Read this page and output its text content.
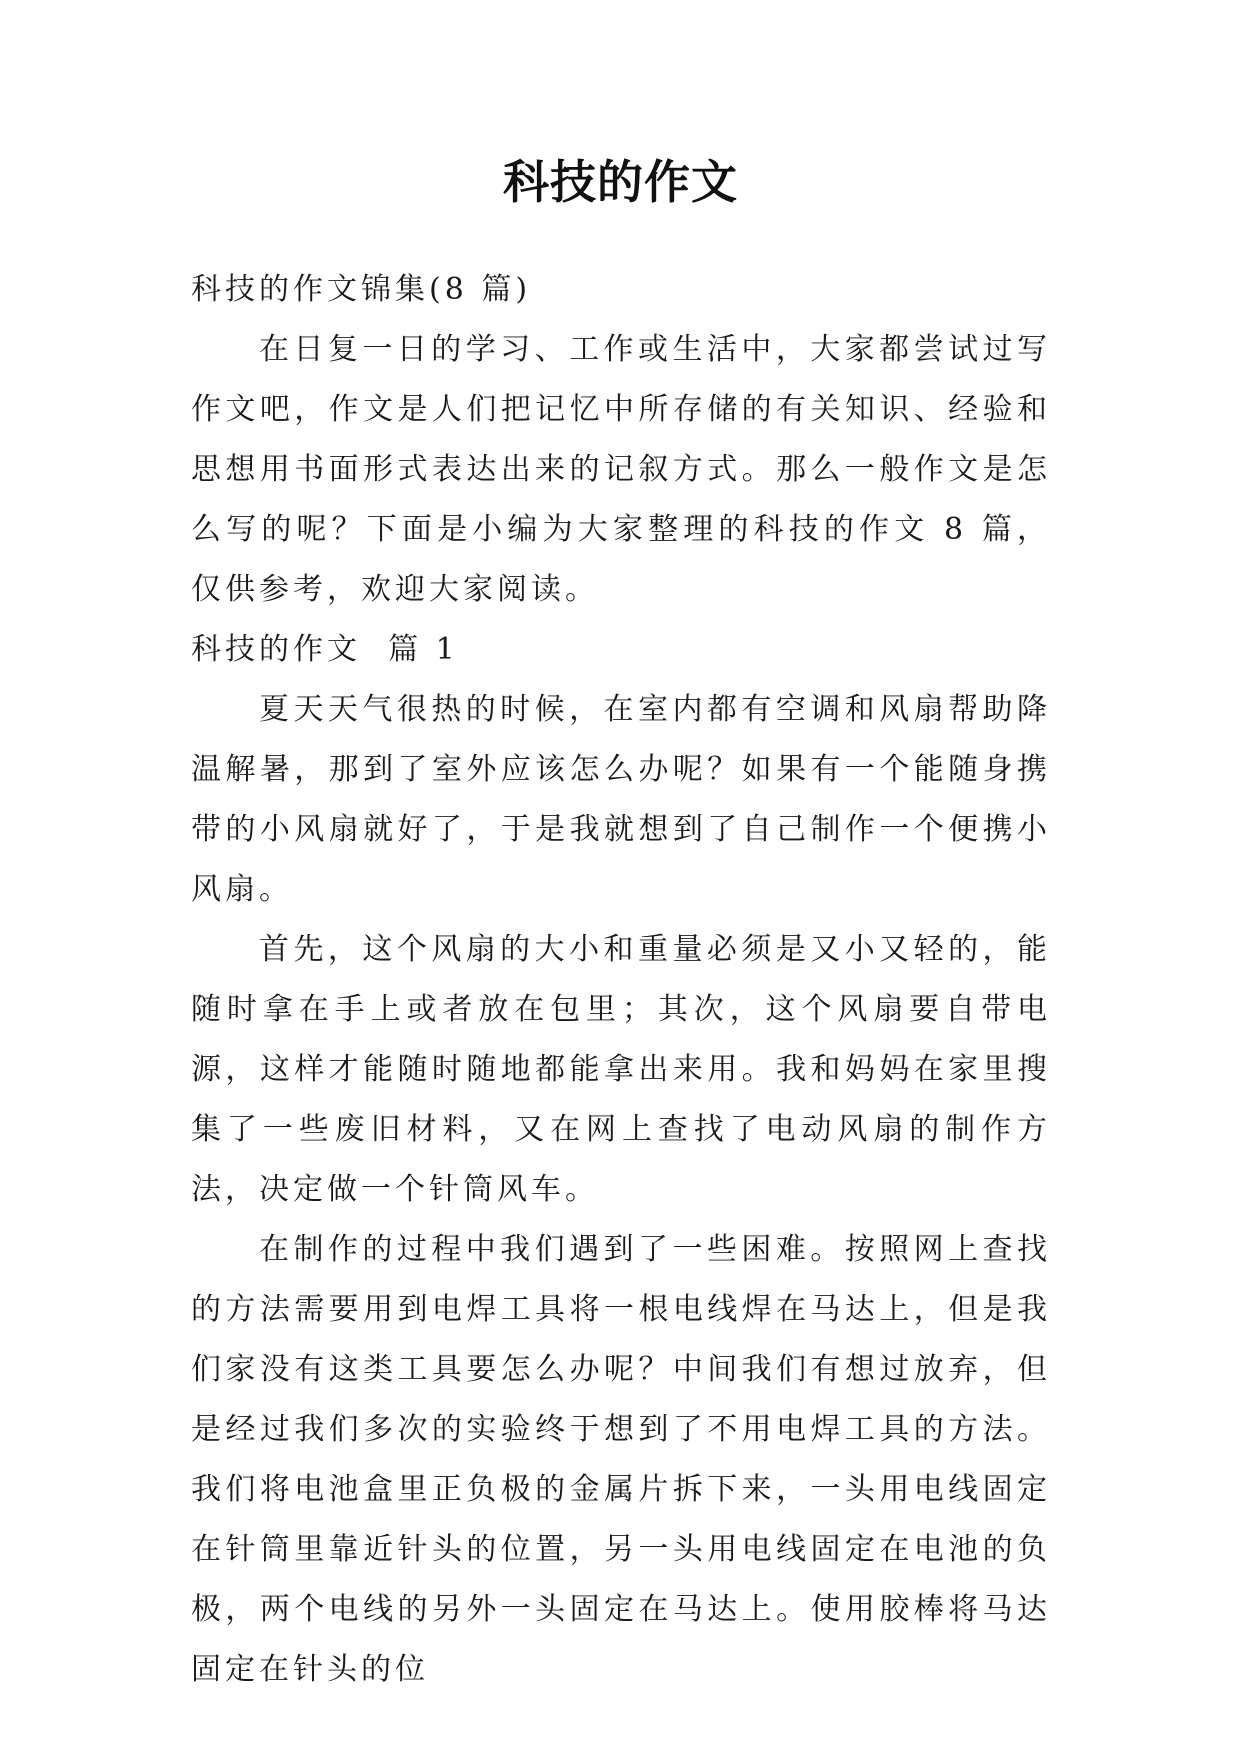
科技的作文

科技的作文锦集(8 篇)

在日复一日的学习、工作或生活中，大家都尝试过写作文吧，作文是人们把记忆中所存储的有关知识、经验和思想用书面形式表达出来的记叙方式。那么一般作文是怎么写的呢？下面是小编为大家整理的科技的作文 8 篇，仅供参考，欢迎大家阅读。

科技的作文  篇 1

夏天天气很热的时候，在室内都有空调和风扇帮助降温解暑，那到了室外应该怎么办呢？如果有一个能随身携带的小风扇就好了，于是我就想到了自己制作一个便携小风扇。

首先，这个风扇的大小和重量必须是又小又轻的，能随时拿在手上或者放在包里；其次，这个风扇要自带电源，这样才能随时随地都能拿出来用。我和妈妈在家里搜集了一些废旧材料，又在网上查找了电动风扇的制作方法，决定做一个针筒风车。

在制作的过程中我们遇到了一些困难。按照网上查找的方法需要用到电焊工具将一根电线焊在马达上，但是我们家没有这类工具要怎么办呢？中间我们有想过放弃，但是经过我们多次的实验终于想到了不用电焊工具的方法。我们将电池盒里正负极的金属片拆下来，一头用电线固定在针筒里靠近针头的位置，另一头用电线固定在电池的负极，两个电线的另外一头固定在马达上。使用胶棒将马达固定在针头的位
